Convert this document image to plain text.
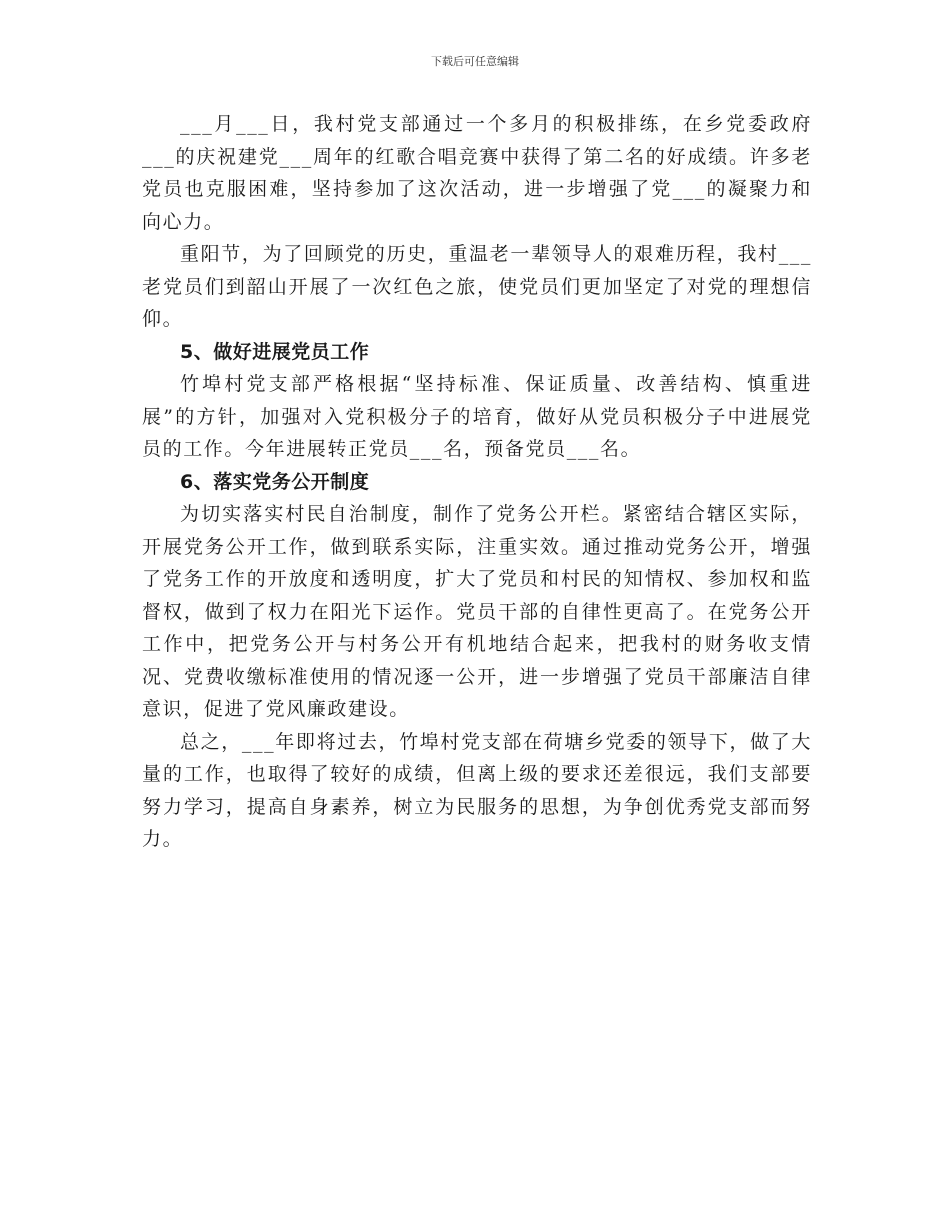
下载后可任意编辑

___月___日，我村党支部通过一个多月的积极排练，在乡党委政府___的庆祝建党___周年的红歌合唱竞赛中获得了第二名的好成绩。许多老党员也克服困难，坚持参加了这次活动，进一步增强了党___的凝聚力和向心力。

重阳节，为了回顾党的历史，重温老一辈领导人的艰难历程，我村___老党员们到韶山开展了一次红色之旅，使党员们更加坚定了对党的理想信仰。

5、做好进展党员工作

竹埠村党支部严格根据“坚持标准、保证质量、改善结构、慎重进展”的方针，加强对入党积极分子的培育，做好从党员积极分子中进展党员的工作。今年进展转正党员___名，预备党员___名。

6、落实党务公开制度

为切实落实村民自治制度，制作了党务公开栏。紧密结合辖区实际，开展党务公开工作，做到联系实际，注重实效。通过推动党务公开，增强了党务工作的开放度和透明度，扩大了党员和村民的知情权、参加权和监督权，做到了权力在阳光下运作。党员干部的自律性更高了。在党务公开工作中，把党务公开与村务公开有机地结合起来，把我村的财务收支情况、党费收缴标准使用的情况逐一公开，进一步增强了党员干部廉洁自律意识，促进了党风廉政建设。

总之，___年即将过去，竹埠村党支部在荷塘乡党委的领导下，做了大量的工作，也取得了较好的成绩，但离上级的要求还差很远，我们支部要努力学习，提高自身素养，树立为民服务的思想，为争创优秀党支部而努力。
